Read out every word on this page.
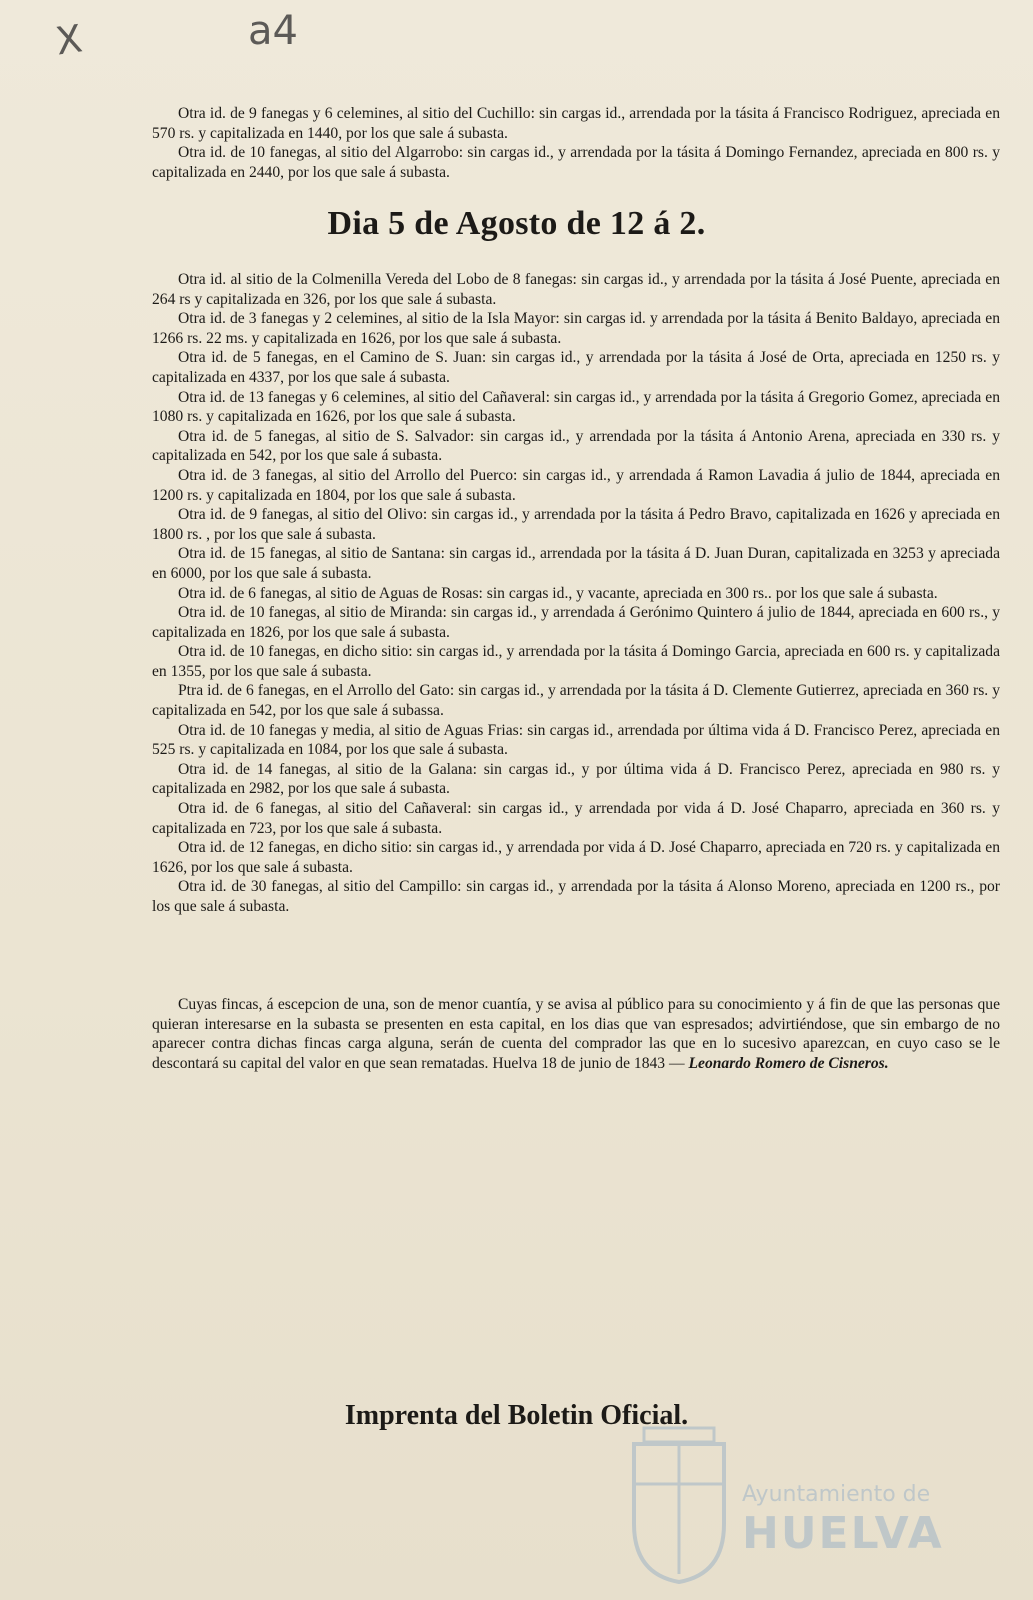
X	a4

Otra id. de 9 fanegas y 6 celemines, al sitio del Cuchillo: sin cargas id., arrendada por la tásita á Francisco Rodriguez, apreciada en 570 rs. y capitalizada en 1440, por los que sale á subasta.

Otra id. de 10 fanegas, al sitio del Algarrobo: sin cargas id., y arrendada por la tásita á Domingo Fernandez, apreciada en 800 rs. y capitalizada en 2440, por los que sale á subasta.

Dia 5 de Agosto de 12 á 2.

Otra id. al sitio de la Colmenilla Vereda del Lobo de 8 fanegas: sin cargas id., y arrendada por la tásita á José Puente, apreciada en 264 rs y capitalizada en 326, por los que sale á subasta.

Otra id. de 3 fanegas y 2 celemines, al sitio de la Isla Mayor: sin cargas id. y arrendada por la tásita á Benito Baldayo, apreciada en 1266 rs. 22 ms. y capitalizada en 1626, por los que sale á subasta.

Otra id. de 5 fanegas, en el Camino de S. Juan: sin cargas id., y arrendada por la tásita á José de Orta, apreciada en 1250 rs. y capitalizada en 4337, por los que sale á subasta.

Otra id. de 13 fanegas y 6 celemines, al sitio del Cañaveral: sin cargas id., y arrendada por la tásita á Gregorio Gomez, apreciada en 1080 rs. y capitalizada en 1626, por los que sale á subasta.

Otra id. de 5 fanegas, al sitio de S. Salvador: sin cargas id., y arrendada por la tásita á Antonio Arena, apreciada en 330 rs. y capitalizada en 542, por los que sale á subasta.

Otra id. de 3 fanegas, al sitio del Arrollo del Puerco: sin cargas id., y arrendada á Ramon Lavadia á julio de 1844, apreciada en 1200 rs. y capitalizada en 1804, por los que sale á subasta.

Otra id. de 9 fanegas, al sitio del Olivo: sin cargas id., y arrendada por la tásita á Pedro Bravo, capitalizada en 1626 y apreciada en 1800 rs. , por los que sale á subasta.

Otra id. de 15 fanegas, al sitio de Santana: sin cargas id., arrendada por la tásita á D. Juan Duran, capitalizada en 3253 y apreciada en 6000, por los que sale á subasta.

Otra id. de 6 fanegas, al sitio de Aguas de Rosas: sin cargas id., y vacante, apreciada en 300 rs.. por los que sale á subasta.

Otra id. de 10 fanegas, al sitio de Miranda: sin cargas id., y arrendada á Gerónimo Quintero á julio de 1844, apreciada en 600 rs., y capitalizada en 1826, por los que sale á subasta.

Otra id. de 10 fanegas, en dicho sitio: sin cargas id., y arrendada por la tásita á Domingo Garcia, apreciada en 600 rs. y capitalizada en 1355, por los que sale á subasta.

Ptra id. de 6 fanegas, en el Arrollo del Gato: sin cargas id., y arrendada por la tásita á D. Clemente Gutierrez, apreciada en 360 rs. y capitalizada en 542, por los que sale á subassa.

Otra id. de 10 fanegas y media, al sitio de Aguas Frias: sin cargas id., arrendada por última vida á D. Francisco Perez, apreciada en 525 rs. y capitalizada en 1084, por los que sale á subasta.

Otra id. de 14 fanegas, al sitio de la Galana: sin cargas id., y por última vida á D. Francisco Perez, apreciada en 980 rs. y capitalizada en 2982, por los que sale á subasta.

Otra id. de 6 fanegas, al sitio del Cañaveral: sin cargas id., y arrendada por vida á D. José Chaparro, apreciada en 360 rs. y capitalizada en 723, por los que sale á subasta.

Otra id. de 12 fanegas, en dicho sitio: sin cargas id., y arrendada por vida á D. José Chaparro, apreciada en 720 rs. y capitalizada en 1626, por los que sale á subasta.

Otra id. de 30 fanegas, al sitio del Campillo: sin cargas id., y arrendada por la tásita á Alonso Moreno, apreciada en 1200 rs., por los que sale á subasta.

Cuyas fincas, á escepcion de una, son de menor cuantía, y se avisa al público para su conocimiento y á fin de que las personas que quieran interesarse en la subasta se presenten en esta capital, en los dias que van espresados; advirtiéndose, que sin embargo de no aparecer contra dichas fincas carga alguna, serán de cuenta del comprador las que en lo sucesivo aparezcan, en cuyo caso se le descontará su capital del valor en que sean rematadas. Huelva 18 de junio de 1843 — Leonardo Romero de Cisneros.

Imprenta del Boletin Oficial.
Ayuntamiento de
HUELVA
